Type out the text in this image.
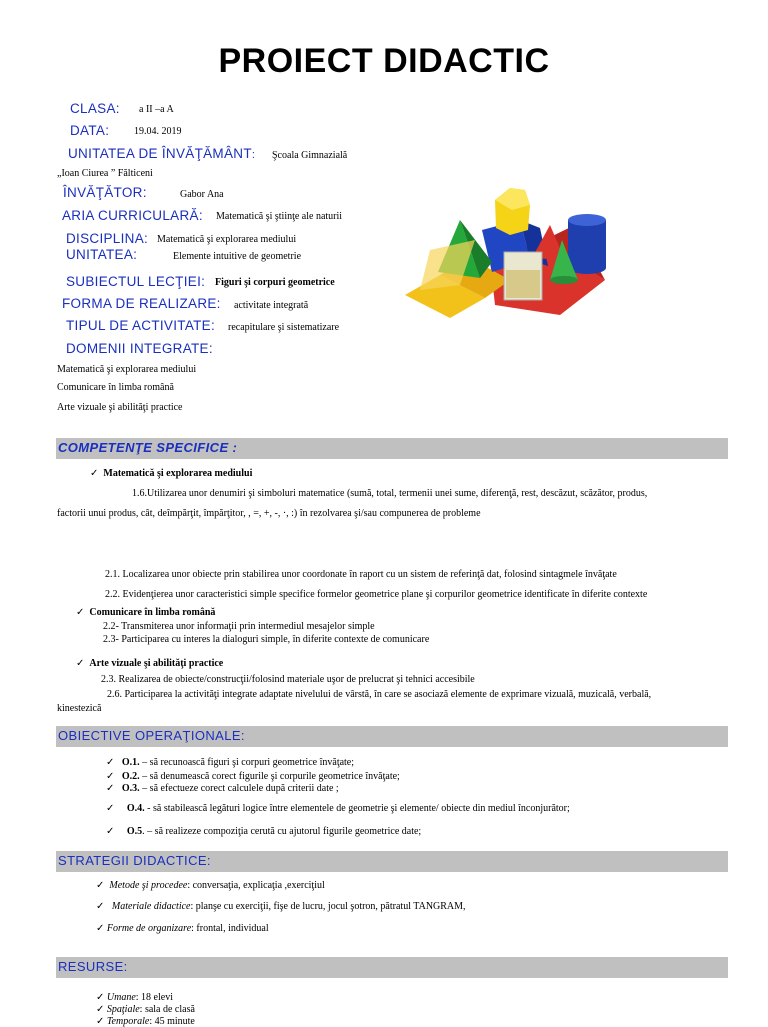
PROIECT DIDACTIC
CLASA: a II –a A
DATA: 19.04. 2019
UNITATEA DE ÎNVĂŢĂMÂNT: Şcoala Gimnazială
„Ioan Ciurea ” Fălticeni
ÎNVĂŢĂTOR:	Gabor Ana
ARIA CURRICULARĂ: Matematică şi ştiinţe ale naturii
DISCIPLINA: Matematică şi explorarea mediului
UNITATEA:	Elemente intuitive de geometrie
SUBIECTUL LECŢIEI: Figuri şi corpuri geometrice
FORMA DE REALIZARE: activitate integrată
TIPUL DE ACTIVITATE: recapitulare şi sistematizare
DOMENII INTEGRATE:
Matematică şi explorarea mediului
Comunicare în limba română
Arte vizuale şi abilităţi practice
COMPETENŢE SPECIFICE :
✓ Matematică şi explorarea mediului
1.6.Utilizarea unor denumiri şi simboluri matematice (sumă, total, termenii unei sume, diferenţă, rest, descăzut, scăzător, produs,
factorii unui produs, cât, deîmpărţit, împărţitor, , =, +, -, ·, :) în rezolvarea şi/sau compunerea de probleme
2.1. Localizarea unor obiecte prin stabilirea unor coordonate în raport cu un sistem de referinţă dat, folosind sintagmele învăţate
2.2. Evidenţierea unor caracteristici simple specifice formelor geometrice plane şi corpurilor geometrice identificate în diferite contexte
✓ Comunicare în limba română
2.2- Transmiterea unor informaţii prin intermediul mesajelor simple
2.3- Participarea cu interes la dialoguri simple, în diferite contexte de comunicare
✓ Arte vizuale şi abilităţi practice
2.3. Realizarea de obiecte/construcţii/folosind materiale uşor de prelucrat şi tehnici accesibile
2.6. Participarea la activităţi integrate adaptate nivelului de vârstă, în care se asociază elemente de exprimare vizuală, muzicală, verbală,
kinestezică
OBIECTIVE OPERAŢIONALE:
✓ O.1. – să recunoască figuri şi corpuri geometrice învăţate;
✓ O.2. – să denumească corect figurile şi corpurile geometrice învăţate;
✓ O.3. – să efectueze corect calculele după criterii date ;
✓ O.4. - să stabilească legături logice între elementele de geometrie şi elemente/ obiecte din mediul înconjurător;
✓ O.5. – să realizeze compoziţia cerută cu ajutorul figurile geometrice date;
STRATEGII DIDACTICE:
✓ Metode şi procedee: conversaţia, explicaţia ,exerciţiul
✓ Materiale didactice: planşe cu exerciţii, fişe de lucru, jocul şotron, pătratul TANGRAM,
✓ Forme de organizare: frontal, individual
RESURSE:
✓ Umane: 18 elevi
✓ Spaţiale: sala de clasă
✓ Temporale: 45 minute
